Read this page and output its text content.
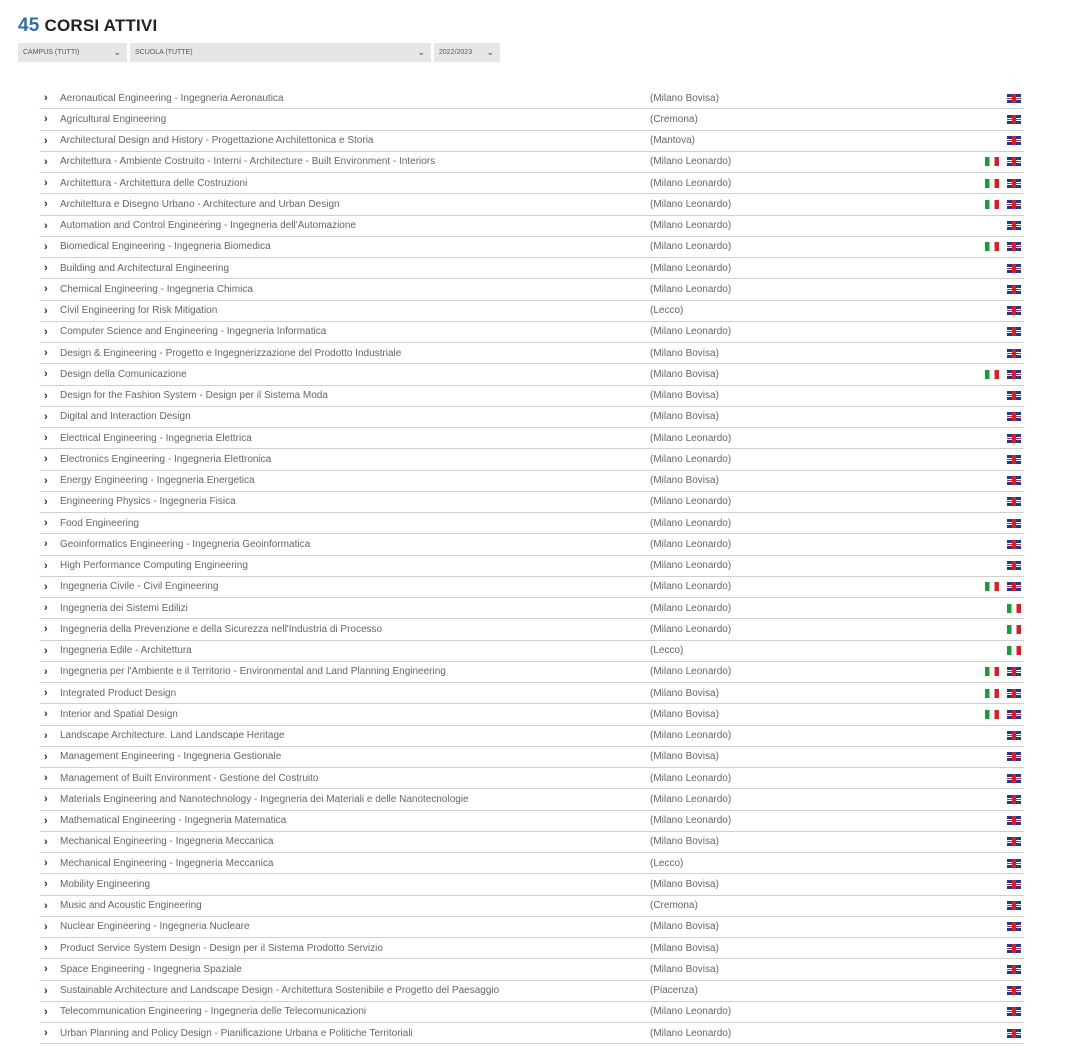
45 CORSI ATTIVI
CAMPUS (TUTTI)	⌄ SCUOLA (TUTTE)	⌄ 2022/2023 ⌄
›	Aeronautical Engineering - Ingegneria Aeronautica	(Milano Bovisa)
›	Agricultural Engineering	(Cremona)
›	Architectural Design and History - Progettazione Architettonica e Storia	(Mantova)
›	Architettura - Ambiente Costruito - Interni - Architecture - Built Environment - Interiors	(Milano Leonardo)
›	Architettura - Architettura delle Costruzioni	(Milano Leonardo)
›	Architettura e Disegno Urbano - Architecture and Urban Design	(Milano Leonardo)
›	Automation and Control Engineering - Ingegneria dell'Automazione	(Milano Leonardo)
›	Biomedical Engineering - Ingegneria Biomedica	(Milano Leonardo)
›	Building and Architectural Engineering	(Milano Leonardo)
›	Chemical Engineering - Ingegneria Chimica	(Milano Leonardo)
›	Civil Engineering for Risk Mitigation	(Lecco)
›	Computer Science and Engineering - Ingegneria Informatica	(Milano Leonardo)
›	Design & Engineering - Progetto e Ingegnerizzazione del Prodotto Industriale	(Milano Bovisa)
›	Design della Comunicazione	(Milano Bovisa)
›	Design for the Fashion System - Design per il Sistema Moda	(Milano Bovisa)
›	Digital and Interaction Design	(Milano Bovisa)
›	Electrical Engineering - Ingegneria Elettrica	(Milano Leonardo)
›	Electronics Engineering - Ingegneria Elettronica	(Milano Leonardo)
›	Energy Engineering - Ingegneria Energetica	(Milano Bovisa)
›	Engineering Physics - Ingegneria Fisica	(Milano Leonardo)
›	Food Engineering	(Milano Leonardo)
›	Geoinformatics Engineering - Ingegneria Geoinformatica	(Milano Leonardo)
›	High Performance Computing Engineering	(Milano Leonardo)
›	Ingegneria Civile - Civil Engineering	(Milano Leonardo)
›	Ingegneria dei Sistemi Edilizi	(Milano Leonardo)
›	Ingegneria della Prevenzione e della Sicurezza nell'Industria di Processo	(Milano Leonardo)
›	Ingegneria Edile - Architettura	(Lecco)
›	Ingegneria per l'Ambiente e il Territorio - Environmental and Land Planning Engineering	(Milano Leonardo)
›	Integrated Product Design	(Milano Bovisa)
›	Interior and Spatial Design	(Milano Bovisa)
›	Landscape Architecture. Land Landscape Heritage	(Milano Leonardo)
›	Management Engineering - Ingegneria Gestionale	(Milano Bovisa)
›	Management of Built Environment - Gestione del Costruito	(Milano Leonardo)
›	Materials Engineering and Nanotechnology - Ingegneria dei Materiali e delle Nanotecnologie	(Milano Leonardo)
›	Mathematical Engineering - Ingegneria Matematica	(Milano Leonardo)
›	Mechanical Engineering - Ingegneria Meccanica	(Milano Bovisa)
›	Mechanical Engineering - Ingegneria Meccanica	(Lecco)
›	Mobility Engineering	(Milano Bovisa)
›	Music and Acoustic Engineering	(Cremona)
›	Nuclear Engineering - Ingegneria Nucleare	(Milano Bovisa)
›	Product Service System Design - Design per il Sistema Prodotto Servizio	(Milano Bovisa)
›	Space Engineering - Ingegneria Spaziale	(Milano Bovisa)
›	Sustainable Architecture and Landscape Design - Architettura Sostenibile e Progetto del Paesaggio	(Piacenza)
›	Telecommunication Engineering - Ingegneria delle Telecomunicazioni	(Milano Leonardo)
›	Urban Planning and Policy Design - Pianificazione Urbana e Politiche Territoriali	(Milano Leonardo)
